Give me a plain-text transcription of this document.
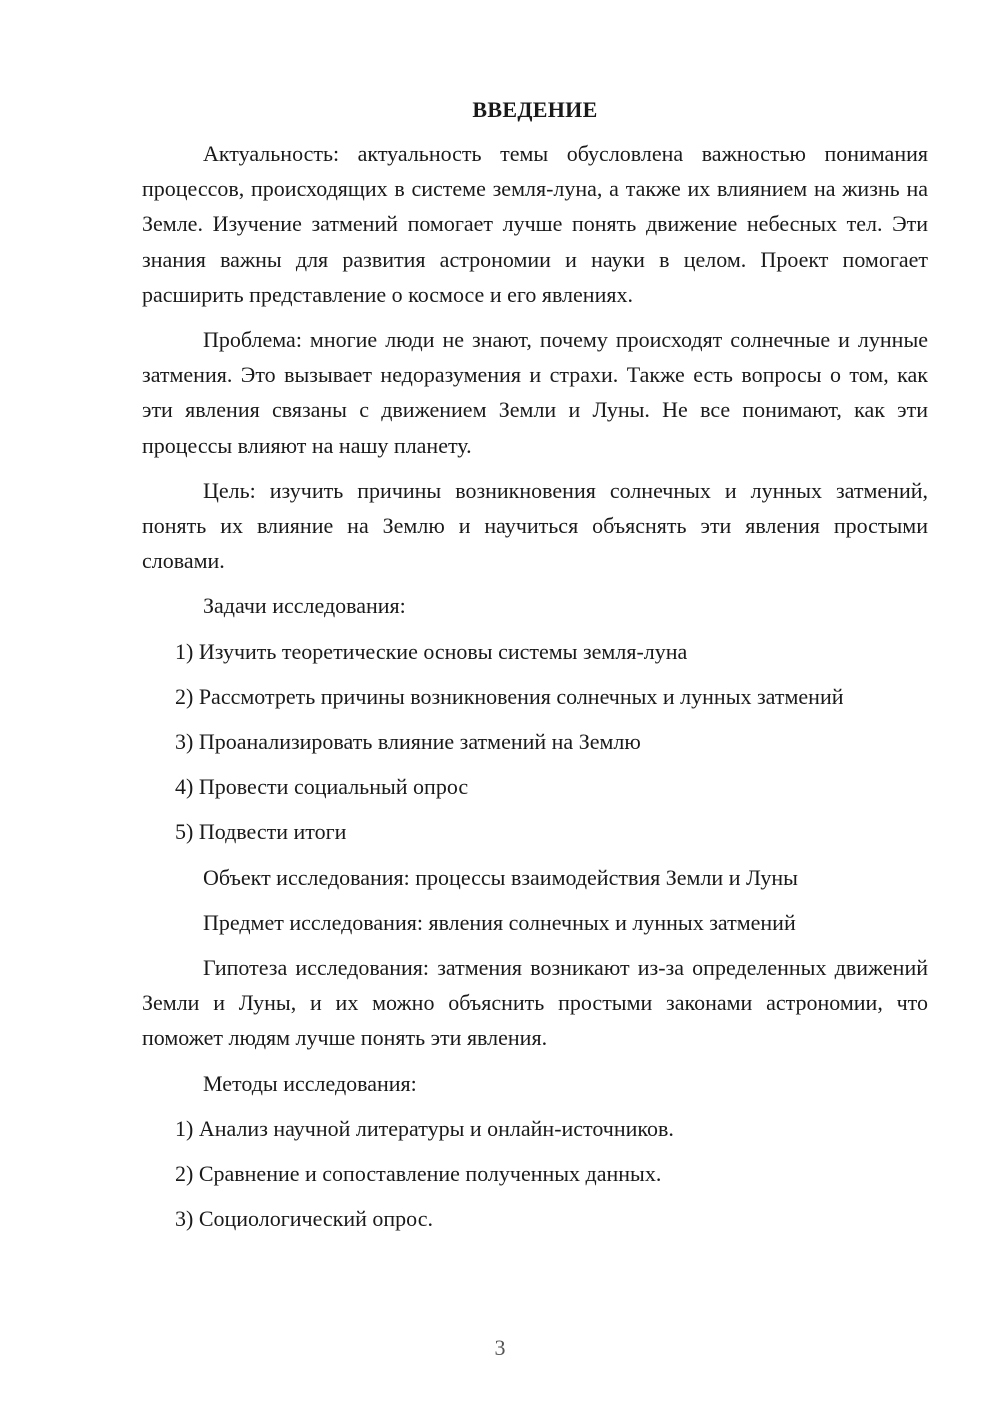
ВВЕДЕНИЕ

Актуальность: актуальность темы обусловлена важностью понимания процессов, происходящих в системе земля-луна, а также их влиянием на жизнь на Земле. Изучение затмений помогает лучше понять движение небесных тел. Эти знания важны для развития астрономии и науки в целом. Проект помогает расширить представление о космосе и его явлениях.

Проблема: многие люди не знают, почему происходят солнечные и лунные затмения. Это вызывает недоразумения и страхи. Также есть вопросы о том, как эти явления связаны с движением Земли и Луны. Не все понимают, как эти процессы влияют на нашу планету.

Цель: изучить причины возникновения солнечных и лунных затмений, понять их влияние на Землю и научиться объяснять эти явления простыми словами.

Задачи исследования:

1) Изучить теоретические основы системы земля-луна

2) Рассмотреть причины возникновения солнечных и лунных затмений

3) Проанализировать влияние затмений на Землю

4) Провести социальный опрос

5) Подвести итоги

Объект исследования: процессы взаимодействия Земли и Луны

Предмет исследования: явления солнечных и лунных затмений

Гипотеза исследования: затмения возникают из-за определенных движений Земли и Луны, и их можно объяснить простыми законами астрономии, что поможет людям лучше понять эти явления.

Методы исследования:

1) Анализ научной литературы и онлайн-источников.

2) Сравнение и сопоставление полученных данных.

3) Социологический опрос.

3
